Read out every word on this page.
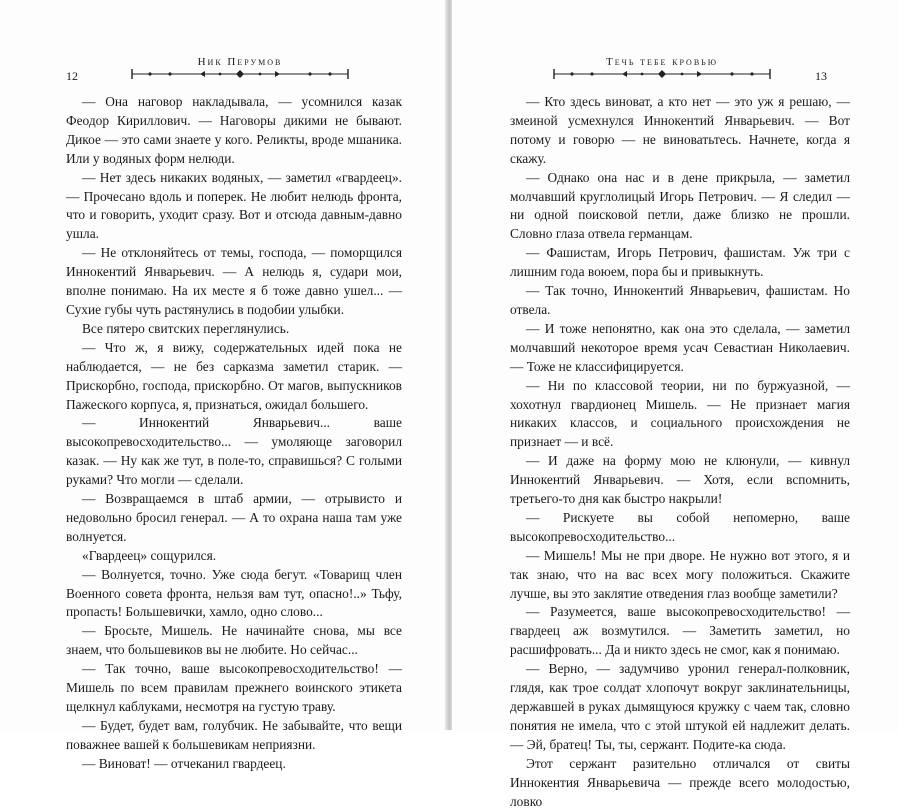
Ник Перумов
12

— Она наговор накладывала, — усомнился казак Феодор Кириллович. — Наговоры дикими не бывают. Дикое — это сами знаете у кого. Реликты, вроде мшаника. Или у водяных форм нелюди.

— Нет здесь никаких водяных, — заметил «гвардеец». — Прочесано вдоль и поперек. Не любит нелюдь фронта, что и говорить, уходит сразу. Вот и отсюда давным-давно ушла.

— Не отклоняйтесь от темы, господа, — поморщился Иннокентий Январьевич. — А нелюдь я, судари мои, вполне понимаю. На их месте я б тоже давно ушел... — Сухие губы чуть растянулись в подобии улыбки.

Все пятеро свитских переглянулись.

— Что ж, я вижу, содержательных идей пока не наблюдается, — не без сарказма заметил старик. — Прискорбно, господа, прискорбно. От магов, выпускников Пажеского корпуса, я, признаться, ожидал большего.

— Иннокентий Январьевич... ваше высокопревосходительство... — умоляюще заговорил казак. — Ну как же тут, в поле-то, справишься? С голыми руками? Что могли — сделали.

— Возвращаемся в штаб армии, — отрывисто и недовольно бросил генерал. — А то охрана наша там уже волнуется.

«Гвардеец» сощурился.

— Волнуется, точно. Уже сюда бегут. «Товарищ член Военного совета фронта, нельзя вам тут, опасно!..» Тьфу, пропасть! Большевички, хамло, одно слово...

— Бросьте, Мишель. Не начинайте снова, мы все знаем, что большевиков вы не любите. Но сейчас...

— Так точно, ваше высокопревосходительство! — Мишель по всем правилам прежнего воинского этикета щелкнул каблуками, несмотря на густую траву.

— Будет, будет вам, голубчик. Не забывайте, что вещи поважнее вашей к большевикам неприязни.

— Виноват! — отчеканил гвардеец.

Течь тебе кровью
13

— Кто здесь виноват, а кто нет — это уж я решаю, — змеиной усмехнулся Иннокентий Январьевич. — Вот потому и говорю — не виноватьтесь. Начнете, когда я скажу.

— Однако она нас и в дене прикрыла, — заметил молчавший круглолицый Игорь Петрович. — Я следил — ни одной поисковой петли, даже близко не прошли. Словно глаза отвела германцам.

— Фашистам, Игорь Петрович, фашистам. Уж три с лишним года воюем, пора бы и привыкнуть.

— Так точно, Иннокентий Январьевич, фашистам. Но отвела.

— И тоже непонятно, как она это сделала, — заметил молчавший некоторое время усач Севастиан Николаевич. — Тоже не классифицируется.

— Ни по классовой теории, ни по буржуазной, — хохотнул гвардионец Мишель. — Не признает магия никаких классов, и социального происхождения не признает — и всё.

— И даже на форму мою не клюнули, — кивнул Иннокентий Январьевич. — Хотя, если вспомнить, третьего-то дня как быстро накрыли!

— Рискуете вы собой непомерно, ваше высокопревосходительство...

— Мишель! Мы не при дворе. Не нужно вот этого, я и так знаю, что на вас всех могу положиться. Скажите лучше, вы это заклятие отведения глаз вообще заметили?

— Разумеется, ваше высокопревосходительство! — гвардеец аж возмутился. — Заметить заметил, но расшифровать... Да и никто здесь не смог, как я понимаю.

— Верно, — задумчиво уронил генерал-полковник, глядя, как трое солдат хлопочут вокруг заклинательницы, державшей в руках дымящуюся кружку с чаем так, словно понятия не имела, что с этой штукой ей надлежит делать. — Эй, братец! Ты, ты, сержант. Подите-ка сюда.

Этот сержант разительно отличался от свиты Иннокентия Январьевича — прежде всего молодостью, ловко
